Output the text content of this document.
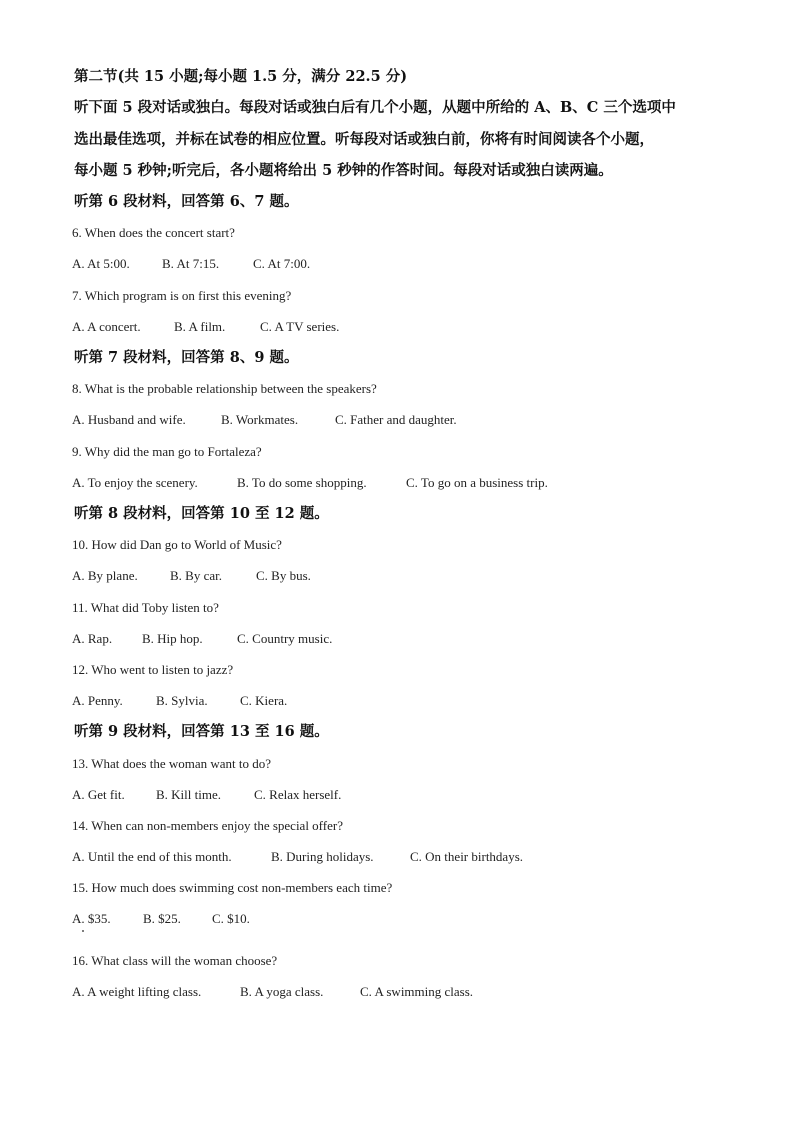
第二节(共 15 小题;每小题 1.5 分，满分 22.5 分)
听下面 5 段对话或独白。每段对话或独白后有几个小题，从题中所给的 A、B、C 三个选项中
选出最佳选项，并标在试卷的相应位置。听每段对话或独白前，你将有时间阅读各个小题，
每小题 5 秒钟;听完后，各小题将给出 5 秒钟的作答时间。每段对话或独白读两遍。
听第 6 段材料，回答第 6、7 题。
6. When does the concert start?
A. At 5:00. B. At 7:15.	C. At 7:00.
7. Which program is on first this evening?
A. A concert.	B. A film.	C. A TV series.
听第 7 段材料，回答第 8、9 题。
8. What is the probable relationship between the speakers?
A. Husband and wife.	B. Workmates.	C. Father and daughter.
9. Why did the man go to Fortaleza?
A. To enjoy the scenery.	B. To do some shopping.	C. To go on a business trip.
听第 8 段材料，回答第 10 至 12 题。
10. How did Dan go to World of Music?
A. By plane. B. By car.	C. By bus.
11. What did Toby listen to?
A. Rap. B. Hip hop.	C. Country music.
12. Who went to listen to jazz?
A. Penny.	B. Sylvia. C. Kiera.
听第 9 段材料，回答第 13 至 16 题。
13. What does the woman want to do?
A. Get fit. B. Kill time.	C. Relax herself.
14. When can non-members enjoy the special offer?
A. Until the end of this month.	B. During holidays.	C. On their birthdays.
15. How much does swimming cost non-members each time?
A. $35. B. $25. C. $10.
16. What class will the woman choose?
A. A weight lifting class.	B. A yoga class.	C. A swimming class.
